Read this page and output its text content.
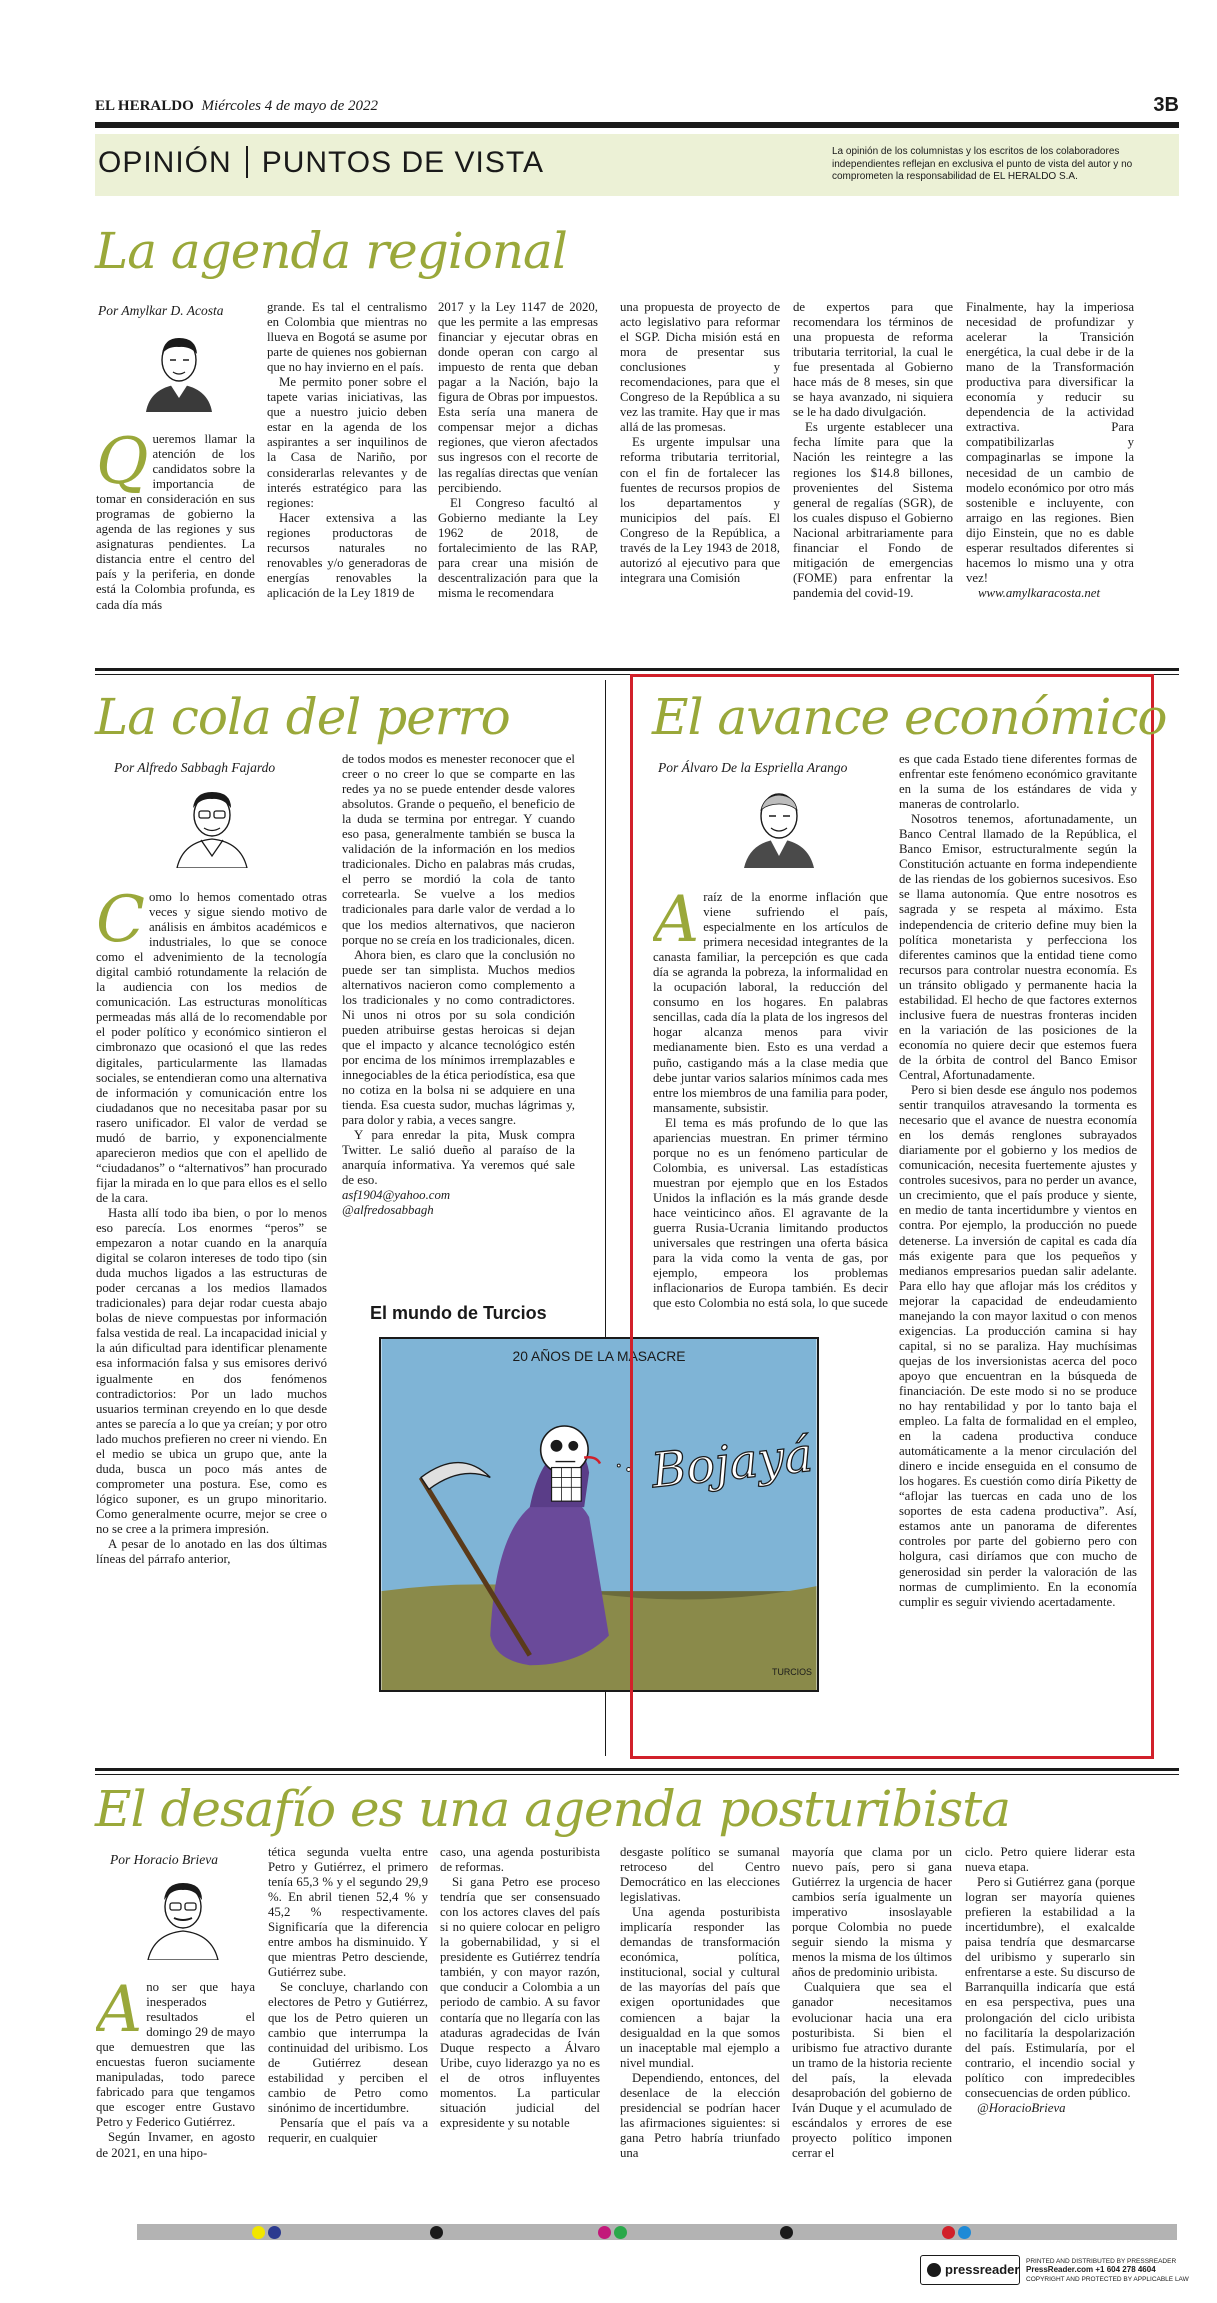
EL HERALDO Miércoles 4 de mayo de 2022	3B
OPINIÓN PUNTOS DE VISTA	La opinión de los columnistas y los escritos de los colaboradores independientes reflejan en exclusiva el punto de vista del autor y no comprometen la responsabilidad de EL HERALDO S.A.
La agenda regional
Por Amylkar D. Acosta

Queremos llamar la atención de los candidatos sobre la importancia de tomar en consideración en sus programas de gobierno la agenda de las regiones y sus asignaturas pendientes. La distancia entre el centro del país y la periferia, en donde está la Colombia profunda, es cada día más

grande. Es tal el centralismo en Colombia que mientras no llueva en Bogotá se asume por parte de quienes nos gobiernan que no hay invierno en el país.

Me permito poner sobre el tapete varias iniciativas, las que a nuestro juicio deben estar en la agenda de los aspirantes a ser inquilinos de la Casa de Nariño, por considerarlas relevantes y de interés estratégico para las regiones:

Hacer extensiva a las regiones productoras de recursos naturales no renovables y/o generadoras de energías renovables la aplicación de la Ley 1819 de

2017 y la Ley 1147 de 2020, que les permite a las empresas financiar y ejecutar obras en donde operan con cargo al impuesto de renta que deban pagar a la Nación, bajo la figura de Obras por impuestos. Esta sería una manera de compensar mejor a dichas regiones, que vieron afectados sus ingresos con el recorte de las regalías directas que venían percibiendo.

El Congreso facultó al Gobierno mediante la Ley 1962 de 2018, de fortalecimiento de las RAP, para crear una misión de descentralización para que la misma le recomendara

una propuesta de proyecto de acto legislativo para reformar el SGP. Dicha misión está en mora de presentar sus conclusiones y recomendaciones, para que el Congreso de la República a su vez las tramite. Hay que ir mas allá de las promesas.

Es urgente impulsar una reforma tributaria territorial, con el fin de fortalecer las fuentes de recursos propios de los departamentos y municipios del país. El Congreso de la República, a través de la Ley 1943 de 2018, autorizó al ejecutivo para que integrara una Comisión

de expertos para que recomendara los términos de una propuesta de reforma tributaria territorial, la cual le fue presentada al Gobierno hace más de 8 meses, sin que se haya avanzado, ni siquiera se le ha dado divulgación.

Es urgente establecer una fecha límite para que la Nación les reintegre a las regiones los $14.8 billones, provenientes del Sistema general de regalías (SGR), de los cuales dispuso el Gobierno Nacional arbitrariamente para financiar el Fondo de mitigación de emergencias (FOME) para enfrentar la pandemia del covid-19.

Finalmente, hay la imperiosa necesidad de profundizar y acelerar la Transición energética, la cual debe ir de la mano de la Transformación productiva para diversificar la economía y reducir su dependencia de la actividad extractiva. Para compatibilizarlas y compaginarlas se impone la necesidad de un cambio de modelo económico por otro más sostenible e incluyente, con arraigo en las regiones. Bien dijo Einstein, que no es dable esperar resultados diferentes si hacemos lo mismo una y otra vez!

www.amylkaracosta.net

La cola del perro
Por Alfredo Sabbagh Fajardo

Como lo hemos comentado otras veces y sigue siendo motivo de análisis en ámbitos académicos e industriales, lo que se conoce como el advenimiento de la tecnología digital cambió rotundamente la relación de la audiencia con los medios de comunicación. Las estructuras monolíticas permeadas más allá de lo recomendable por el poder político y económico sintieron el cimbronazo que ocasionó el que las redes digitales, particularmente las llamadas sociales, se entendieran como una alternativa de información y comunicación entre los ciudadanos que no necesitaba pasar por su rasero unificador. El valor de verdad se mudó de barrio, y exponencialmente aparecieron medios que con el apellido de “ciudadanos” o “alternativos” han procurado fijar la mirada en lo que para ellos es el sello de la cara.

Hasta allí todo iba bien, o por lo menos eso parecía. Los enormes “peros” se empezaron a notar cuando en la anarquía digital se colaron intereses de todo tipo (sin duda muchos ligados a las estructuras de poder cercanas a los medios llamados tradicionales) para dejar rodar cuesta abajo bolas de nieve compuestas por información falsa vestida de real. La incapacidad inicial y la aún dificultad para identificar plenamente esa información falsa y sus emisores derivó igualmente en dos fenómenos contradictorios: Por un lado muchos usuarios terminan creyendo en lo que desde antes se parecía a lo que ya creían; y por otro lado muchos prefieren no creer ni viendo. En el medio se ubica un grupo que, ante la duda, busca un poco más antes de comprometer una postura. Ese, como es lógico suponer, es un grupo minoritario. Como generalmente ocurre, mejor se cree o no se cree a la primera impresión.

A pesar de lo anotado en las dos últimas líneas del párrafo anterior,

de todos modos es menester reconocer que el creer o no creer lo que se comparte en las redes ya no se puede entender desde valores absolutos. Grande o pequeño, el beneficio de la duda se termina por entregar. Y cuando eso pasa, generalmente también se busca la validación de la información en los medios tradicionales. Dicho en palabras más crudas, el perro se mordió la cola de tanto corretearla. Se vuelve a los medios tradicionales para darle valor de verdad a lo que los medios alternativos, que nacieron porque no se creía en los tradicionales, dicen.

Ahora bien, es claro que la conclusión no puede ser tan simplista. Muchos medios alternativos nacieron como complemento a los tradicionales y no como contradictores. Ni unos ni otros por su sola condición pueden atribuirse gestas heroicas si dejan que el impacto y alcance tecnológico estén por encima de los mínimos irremplazables e innegociables de la ética periodística, esa que no cotiza en la bolsa ni se adquiere en una tienda. Esa cuesta sudor, muchas lágrimas y, para dolor y rabia, a veces sangre.

Y para enredar la pita, Musk compra Twitter. Le salió dueño al paraíso de la anarquía informativa. Ya veremos qué sale de eso.

asf1904@yahoo.com

@alfredosabbagh

El mundo de Turcios
20 AÑOS DE LA MASACRE
Bojayá
TURCIOS
El avance económico
Por Álvaro De la Espriella Arango

Araíz de la enorme inflación que viene sufriendo el país, especialmente en los artículos de primera necesidad integrantes de la canasta familiar, la percepción es que cada día se agranda la pobreza, la informalidad en la ocupación laboral, la reducción del consumo en los hogares. En palabras sencillas, cada día la plata de los ingresos del hogar alcanza menos para vivir medianamente bien. Esto es una verdad a puño, castigando más a la clase media que debe juntar varios salarios mínimos cada mes entre los miembros de una familia para poder, mansamente, subsistir.

El tema es más profundo de lo que las apariencias muestran. En primer término porque no es un fenómeno particular de Colombia, es universal. Las estadísticas muestran por ejemplo que en los Estados Unidos la inflación es la más grande desde hace veinticinco años. El agravante de la guerra Rusia-Ucrania limitando productos universales que restringen una oferta básica para la vida como la venta de gas, por ejemplo, empeora los problemas inflacionarios de Europa también. Es decir que esto Colombia no está sola, lo que sucede

es que cada Estado tiene diferentes formas de enfrentar este fenómeno económico gravitante en la suma de los estándares de vida y maneras de controlarlo.

Nosotros tenemos, afortunadamente, un Banco Central llamado de la República, el Banco Emisor, estructuralmente según la Constitución actuante en forma independiente de las riendas de los gobiernos sucesivos. Eso se llama autonomía. Que entre nosotros es sagrada y se respeta al máximo. Esta independencia de criterio define muy bien la política monetarista y perfecciona los diferentes caminos que la entidad tiene como recursos para controlar nuestra economía. Es un tránsito obligado y permanente hacia la estabilidad. El hecho de que factores externos inclusive fuera de nuestras fronteras inciden en la variación de las posiciones de la economía no quiere decir que estemos fuera de la órbita de control del Banco Emisor Central, Afortunadamente.

Pero si bien desde ese ángulo nos podemos sentir tranquilos atravesando la tormenta es necesario que el avance de nuestra economía en los demás renglones subrayados diariamente por el gobierno y los medios de comunicación, necesita fuertemente ajustes y controles sucesivos, para no perder un avance, un crecimiento, que el país produce y siente, en medio de tanta incertidumbre y vientos en contra. Por ejemplo, la producción no puede detenerse. La inversión de capital es cada día más exigente para que los pequeños y medianos empresarios puedan salir adelante. Para ello hay que aflojar más los créditos y mejorar la capacidad de endeudamiento manejando la con mayor laxitud o con menos exigencias. La producción camina si hay capital, si no se paraliza. Hay muchísimas quejas de los inversionistas acerca del poco apoyo que encuentran en la búsqueda de financiación. De este modo si no se produce no hay rentabilidad y por lo tanto baja el empleo. La falta de formalidad en el empleo, en la cadena productiva conduce automáticamente a la menor circulación del dinero e incide enseguida en el consumo de los hogares. Es cuestión como diría Piketty de “aflojar las tuercas en cada uno de los soportes de esta cadena productiva”. Así, estamos ante un panorama de diferentes controles por parte del gobierno pero con holgura, casi diríamos que con mucho de generosidad sin perder la valoración de las normas de cumplimiento. En la economía cumplir es seguir viviendo acertadamente.

El desafío es una agenda posturibista
Por Horacio Brieva

Ano ser que haya inesperados resultados el domingo 29 de mayo que demuestren que las encuestas fueron suciamente manipuladas, todo parece fabricado para que tengamos que escoger entre Gustavo Petro y Federico Gutiérrez.

Según Invamer, en agosto de 2021, en una hipo-

tética segunda vuelta entre Petro y Gutiérrez, el primero tenía 65,3 % y el segundo 29,9 %. En abril tienen 52,4 % y 45,2 % respectivamente. Significaría que la diferencia entre ambos ha disminuido. Y que mientras Petro desciende, Gutiérrez sube.

Se concluye, charlando con electores de Petro y Gutiérrez, que los de Petro quieren un cambio que interrumpa la continuidad del uribismo. Los de Gutiérrez desean estabilidad y perciben el cambio de Petro como sinónimo de incertidumbre.

Pensaría que el país va a requerir, en cualquier

caso, una agenda posturibista de reformas.

Si gana Petro ese proceso tendría que ser consensuado con los actores claves del país si no quiere colocar en peligro la gobernabilidad, y si el presidente es Gutiérrez tendría también, y con mayor razón, que conducir a Colombia a un periodo de cambio. A su favor contaría que no llegaría con las ataduras agradecidas de Iván Duque respecto a Álvaro Uribe, cuyo liderazgo ya no es el de otros influyentes momentos. La particular situación judicial del expresidente y su notable

desgaste político se sumanal retroceso del Centro Democrático en las elecciones legislativas.

Una agenda posturibista implicaría responder las demandas de transformación económica, política, institucional, social y cultural de las mayorías del país que exigen oportunidades que comiencen a bajar la desigualdad en la que somos un inaceptable mal ejemplo a nivel mundial.

Dependiendo, entonces, del desenlace de la elección presidencial se podrían hacer las afirmaciones siguientes: si gana Petro habría triunfado una

mayoría que clama por un nuevo país, pero si gana Gutiérrez la urgencia de hacer cambios sería igualmente un imperativo insoslayable porque Colombia no puede seguir siendo la misma y menos la misma de los últimos años de predominio uribista.

Cualquiera que sea el ganador necesitamos evolucionar hacia una era posturibista. Si bien el uribismo fue atractivo durante un tramo de la historia reciente del país, la elevada desaprobación del gobierno de Iván Duque y el acumulado de escándalos y errores de ese proyecto político imponen cerrar el

ciclo. Petro quiere liderar esta nueva etapa.

Pero si Gutiérrez gana (porque logran ser mayoría quienes prefieren la estabilidad a la incertidumbre), el exalcalde paisa tendría que desmarcarse del uribismo y superarlo sin enfrentarse a este. Su discurso de Barranquilla indicaría que está en esa perspectiva, pues una prolongación del ciclo uribista no facilitaría la despolarización del país. Estimularía, por el contrario, el incendio social y político con impredecibles consecuencias de orden público.

@HoracioBrieva

pressreader
PRINTED AND DISTRIBUTED BY PRESSREADER
PressReader.com +1 604 278 4604
COPYRIGHT AND PROTECTED BY APPLICABLE LAW
